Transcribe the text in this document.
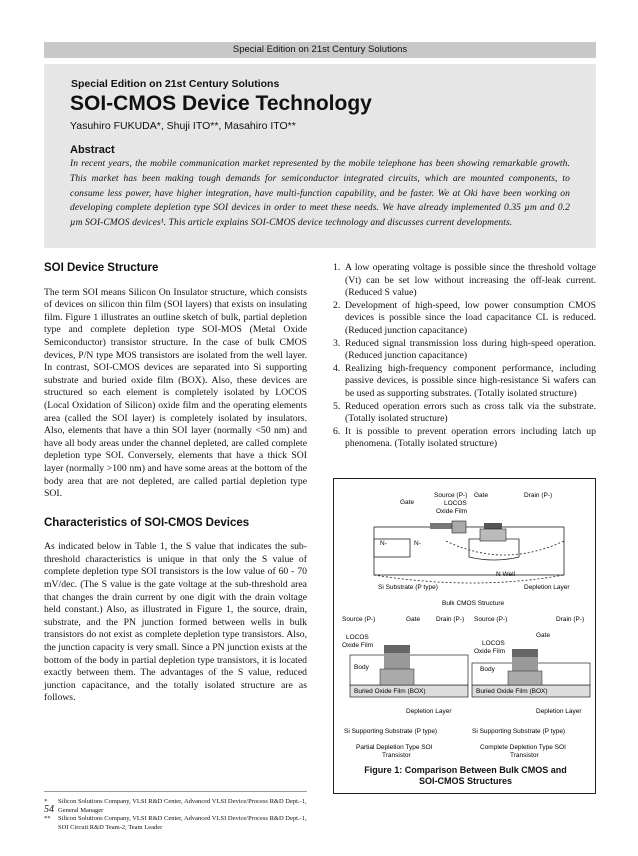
Special Edition on 21st Century Solutions
Special Edition on 21st Century Solutions
SOI-CMOS Device Technology
Yasuhiro FUKUDA*, Shuji ITO**, Masahiro ITO**
Abstract
In recent years, the mobile communication market represented by the mobile telephone has been showing remarkable growth. This market has been making tough demands for semiconductor integrated circuits, which are mounted components, to consume less power, have higher integration, have multi-function capability, and be faster. We at Oki have been working on developing complete depletion type SOI devices in order to meet these needs. We have already implemented 0.35 µm and 0.2 µm SOI-CMOS devices¹. This article explains SOI-CMOS device technology and discusses current developments.
SOI Device Structure

The term SOI means Silicon On Insulator structure, which consists of devices on silicon thin film (SOI layers) that exists on insulating film. Figure 1 illustrates an outline sketch of bulk, partial depletion type and complete depletion type SOI-MOS (Metal Oxide Semiconductor) transistor structure. In the case of bulk CMOS devices, P/N type MOS transistors are isolated from the well layer. In contrast, SOI-CMOS devices are separated into Si supporting substrate and buried oxide film (BOX). Also, these devices are structured so each element is completely isolated by LOCOS (Local Oxidation of Silicon) oxide film and the operating elements area (called the SOI layer) is completely isolated by insulators. Also, elements that have a thin SOI layer (normally <50 nm) and have all body areas under the channel depleted, are called complete depletion type SOI. Conversely, elements that have a thick SOI layer (normally >100 nm) and have some areas at the bottom of the body area that are not depleted, are called partial depletion type SOI.

Characteristics of SOI-CMOS Devices

As indicated below in Table 1, the S value that indicates the sub-threshold characteristics is unique in that only the S value of complete depletion type SOI transistors is the low value of 60 - 70 mV/dec. (The S value is the gate voltage at the sub-threshold area that changes the drain current by one digit with the drain voltage held constant.) Also, as illustrated in Figure 1, the source, drain, substrate, and the PN junction formed between wells in bulk transistors do not exist as complete depletion type transistors. Also, the junction capacity is very small. Since a PN junction exists at the bottom of the body in partial depletion type transistors, it is located exactly between them. The advantages of the S value, reduced junction capacitance, and the totally isolated structure are as follows.

1. A low operating voltage is possible since the threshold voltage (Vt) can be set low without increasing the off-leak current. (Reduced S value)
2. Development of high-speed, low power consumption CMOS devices is possible since the load capacitance CL is reduced. (Reduced junction capacitance)
3. Reduced signal transmission loss during high-speed operation. (Reduced junction capacitance)
4. Realizing high-frequency component performance, including passive devices, is possible since high-resistance Si wafers can be used as supporting substrates. (Totally isolated structure)
5. Reduced operation errors such as cross talk via the substrate. (Totally isolated structure)
6. It is possible to prevent operation errors including latch up phenomena. (Totally isolated structure)
Gate
Source (P-) Gate	Drain (P-)
LOCOS
Oxide Film
N-	N-
N Well
Si Substrate (P type)	Depletion Layer
Bulk CMOS Structure
Source (P-)	Gate Drain (P-)
LOCOS
Oxide Film
Body
Buried Oxide Film (BOX)
Depletion Layer
Si Supporting Substrate (P type)
Partial Depletion Type SOI
Transistor
Source (P-)	Drain (P-)
Gate
LOCOS
Oxide Film
Body
Buried Oxide Film (BOX)
Depletion Layer
Si Supporting Substrate (P type)
Complete Depletion Type SOI
Transistor
Figure 1: Comparison Between Bulk CMOS and
SOI-CMOS Structures
*	Silicon Solutions Company, VLSI R&D Center, Advanced VLSI Device/Process R&D Dept.-1, General Manager
**	Silicon Solutions Company, VLSI R&D Center, Advanced VLSI Device/Process R&D Dept.-1, SOI Circuit R&D Team-2, Team Leader
54
